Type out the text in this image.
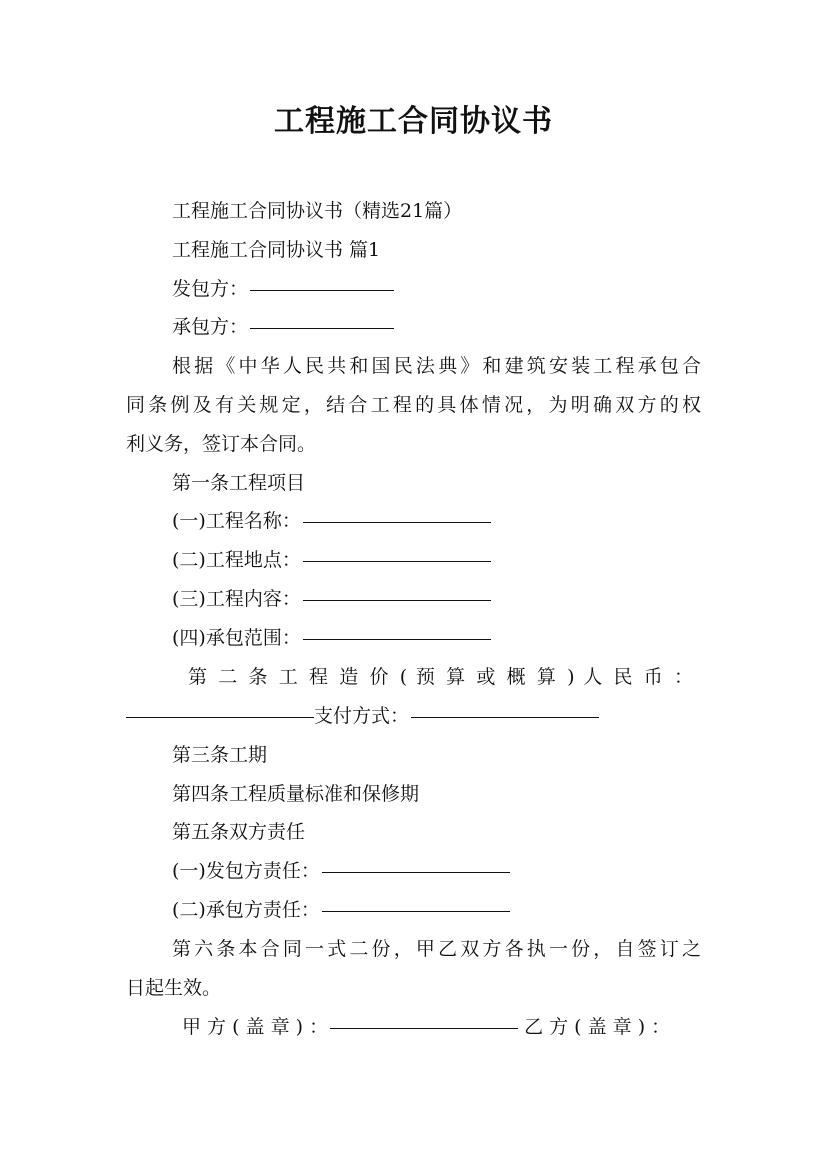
工程施工合同协议书
工程施工合同协议书（精选21篇）
工程施工合同协议书 篇1
发包方：
承包方：
根据《中华人民共和国民法典》和建筑安装工程承包合
同条例及有关规定，结合工程的具体情况，为明确双方的权
利义务，签订本合同。
第一条工程项目
(一)工程名称：
(二)工程地点：
(三)工程内容：
(四)承包范围：
第 二 条 工 程 造 价 ( 预 算 或 概 算 ) 人 民 币 ：
支付方式：
第三条工期
第四条工程质量标准和保修期
第五条双方责任
(一)发包方责任：
(二)承包方责任：
第六条本合同一式二份，甲乙双方各执一份，自签订之
日起生效。
甲 方 ( 盖 章 ) ：	乙 方 ( 盖 章 ) ：
